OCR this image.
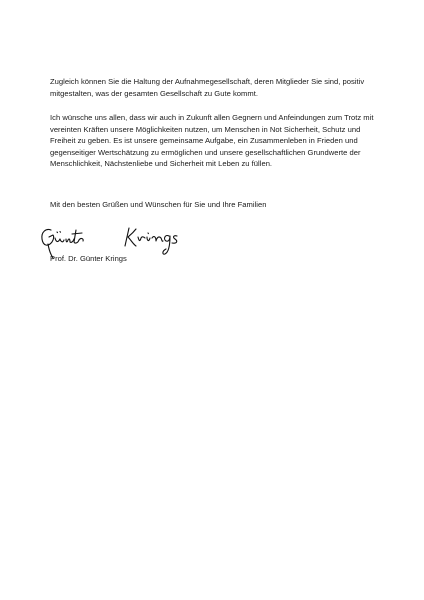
Zugleich können Sie die Haltung der Aufnahmegesellschaft, deren Mitglieder Sie sind, positiv mitgestalten, was der gesamten Gesellschaft zu Gute kommt.

Ich wünsche uns allen, dass wir auch in Zukunft allen Gegnern und Anfeindungen zum Trotz mit vereinten Kräften unsere Möglichkeiten nutzen, um Menschen in Not Sicherheit, Schutz und Freiheit zu geben. Es ist unsere gemeinsame Aufgabe, ein Zusammenleben in Frieden und gegenseitiger Wertschätzung zu ermöglichen und unsere gesellschaftlichen Grundwerte der Menschlichkeit, Nächstenliebe und Sicherheit mit Leben zu füllen.

Mit den besten Grüßen und Wünschen für Sie und Ihre Familien

Prof. Dr. Günter Krings
